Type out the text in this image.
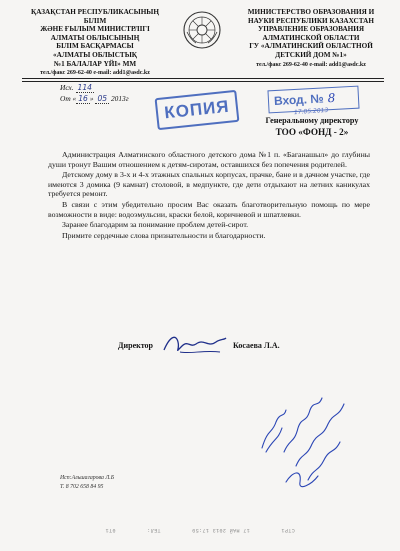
ҚАЗАҚСТАН РЕСПУБЛИКАСЫНЫҢ БІЛІМ
ЖӘНЕ ҒЫЛЫМ МИНИСТРЛІГІ
АЛМАТЫ ОБЛЫСЫНЫҢ
БІЛІМ БАСҚАРМАСЫ
«АЛМАТЫ ОБЛЫСТЫҚ
№1 БАЛАЛАР ҮЙІ» ММ
тел./факс 269-62-40 e-mail: add1@asdc.kz
МИНИСТЕРСТВО ОБРАЗОВАНИЯ И
НАУКИ РЕСПУБЛИКИ КАЗАХСТАН
УПРАВЛЕНИЕ ОБРАЗОВАНИЯ
АЛМАТИНСКОЙ ОБЛАСТИ
ГУ «АЛМАТИНСКИЙ ОБЛАСТНОЙ
ДЕТСКИЙ ДОМ №1»
тел./факс 269-62-40 e-mail: add1@asdc.kz
Исх. 114
От « 16 » 05 2013г	КОПИЯ	Вход. № 8
17.05.2013
Генеральному директору
ТОО «ФОНД - 2»

Администрация Алматинского областного детского дома №1 п. «Баганашыл» до глубины души тронут Вашим отношением к детям-сиротам, оставшихся без попечения родителей.

Детскому дому в 3-х и 4-х этажных спальных корпусах, прачке, бане и в дачном участке, где имеются 3 домика (9 камнат) столовой, в медпункте, где дети отдыхают на летних каникулах требуется ремонт.

В связи с этим убедительно просим Вас оказать благотворительную помощь по мере возможности в виде: водоэмульсии, краски белой, коричневой и шпатлевки.

Заранее благодарим за понимание проблем детей-сирот.

Примите сердечные слова признательности и благодарности.

Директор	Косаева Л.А.
Исп:Альшагарова Л.Б
Т. 8 702 658 84 95
СТР1 17 МАЙ 2013 17:50 ТЕЛ: 0Т1
